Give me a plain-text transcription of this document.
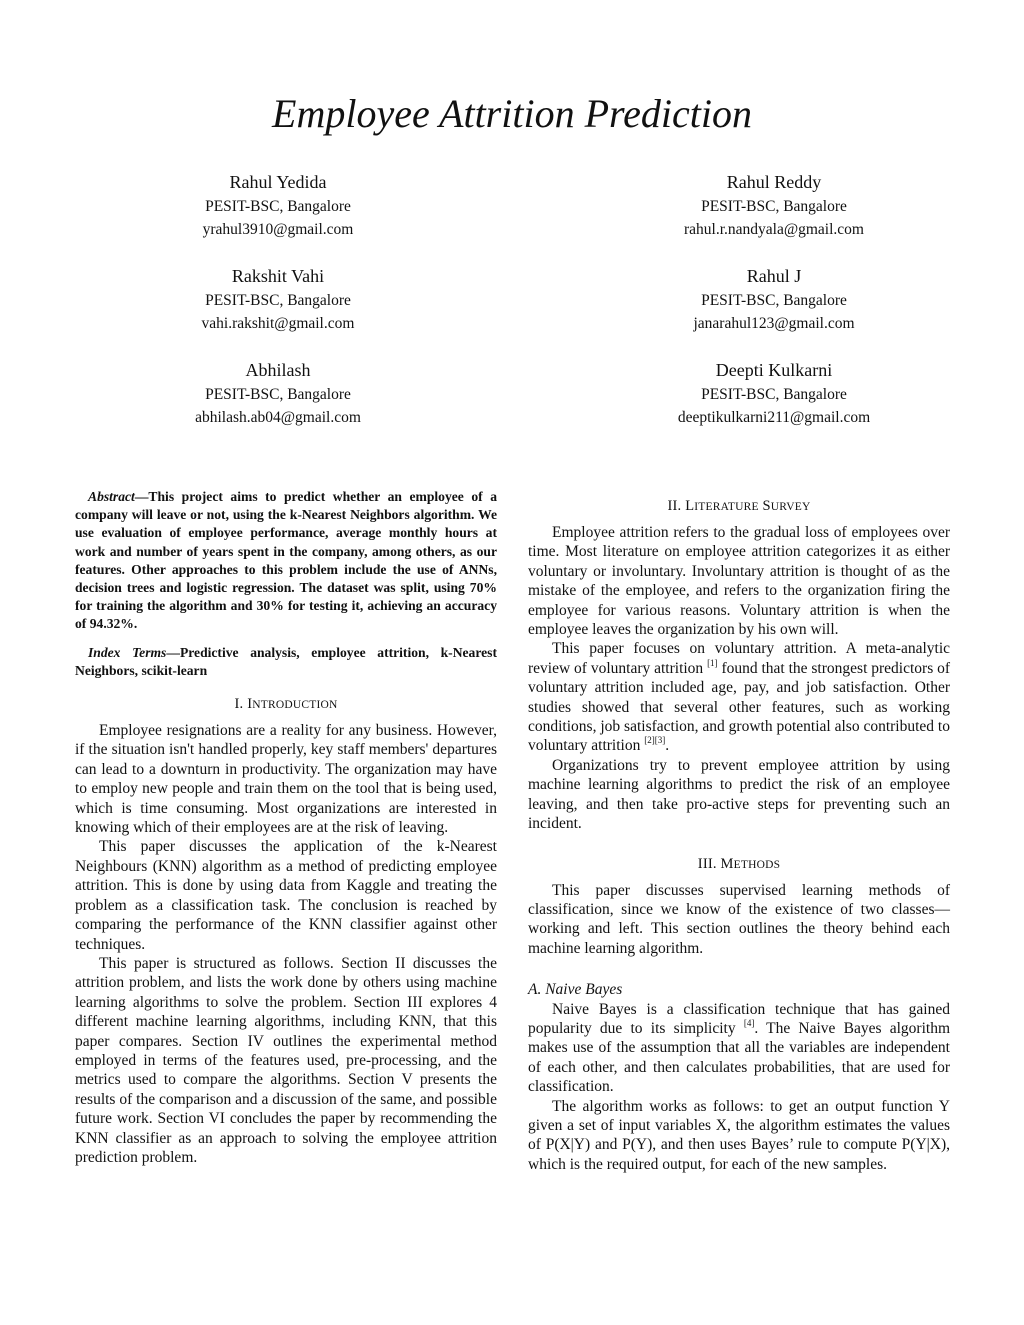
Employee Attrition Prediction
Rahul Yedida
PESIT-BSC, Bangalore
yrahul3910@gmail.com
Rahul Reddy
PESIT-BSC, Bangalore
rahul.r.nandyala@gmail.com
Rakshit Vahi
PESIT-BSC, Bangalore
vahi.rakshit@gmail.com
Rahul J
PESIT-BSC, Bangalore
janarahul123@gmail.com
Abhilash
PESIT-BSC, Bangalore
abhilash.ab04@gmail.com
Deepti Kulkarni
PESIT-BSC, Bangalore
deeptikulkarni211@gmail.com

Abstract—This project aims to predict whether an employee of a company will leave or not, using the k-Nearest Neighbors algorithm. We use evaluation of employee performance, average monthly hours at work and number of years spent in the company, among others, as our features. Other approaches to this problem include the use of ANNs, decision trees and logistic regression. The dataset was split, using 70% for training the algorithm and 30% for testing it, achieving an accuracy of 94.32%.

Index Terms—Predictive analysis, employee attrition, k-Nearest Neighbors, scikit-learn

I. INTRODUCTION

Employee resignations are a reality for any business. However, if the situation isn't handled properly, key staff members' departures can lead to a downturn in productivity. The organization may have to employ new people and train them on the tool that is being used, which is time consuming. Most organizations are interested in knowing which of their employees are at the risk of leaving.

This paper discusses the application of the k-Nearest Neighbours (KNN) algorithm as a method of predicting employee attrition. This is done by using data from Kaggle and treating the problem as a classification task. The conclusion is reached by comparing the performance of the KNN classifier against other techniques.

This paper is structured as follows. Section II discusses the attrition problem, and lists the work done by others using machine learning algorithms to solve the problem. Section III explores 4 different machine learning algorithms, including KNN, that this paper compares. Section IV outlines the experimental method employed in terms of the features used, pre-processing, and the metrics used to compare the algorithms. Section V presents the results of the comparison and a discussion of the same, and possible future work. Section VI concludes the paper by recommending the KNN classifier as an approach to solving the employee attrition prediction problem.

II. LITERATURE SURVEY

Employee attrition refers to the gradual loss of employees over time. Most literature on employee attrition categorizes it as either voluntary or involuntary. Involuntary attrition is thought of as the mistake of the employee, and refers to the organization firing the employee for various reasons. Voluntary attrition is when the employee leaves the organization by his own will.

This paper focuses on voluntary attrition. A meta-analytic review of voluntary attrition [1] found that the strongest predictors of voluntary attrition included age, pay, and job satisfaction. Other studies showed that several other features, such as working conditions, job satisfaction, and growth potential also contributed to voluntary attrition [2][3].

Organizations try to prevent employee attrition by using machine learning algorithms to predict the risk of an employee leaving, and then take pro-active steps for preventing such an incident.

III. METHODS

This paper discusses supervised learning methods of classification, since we know of the existence of two classes—working and left. This section outlines the theory behind each machine learning algorithm.

A. Naive Bayes

Naive Bayes is a classification technique that has gained popularity due to its simplicity [4]. The Naive Bayes algorithm makes use of the assumption that all the variables are independent of each other, and then calculates probabilities, that are used for classification.

The algorithm works as follows: to get an output function Y given a set of input variables X, the algorithm estimates the values of P(X|Y) and P(Y), and then uses Bayes’ rule to compute P(Y|X), which is the required output, for each of the new samples.
